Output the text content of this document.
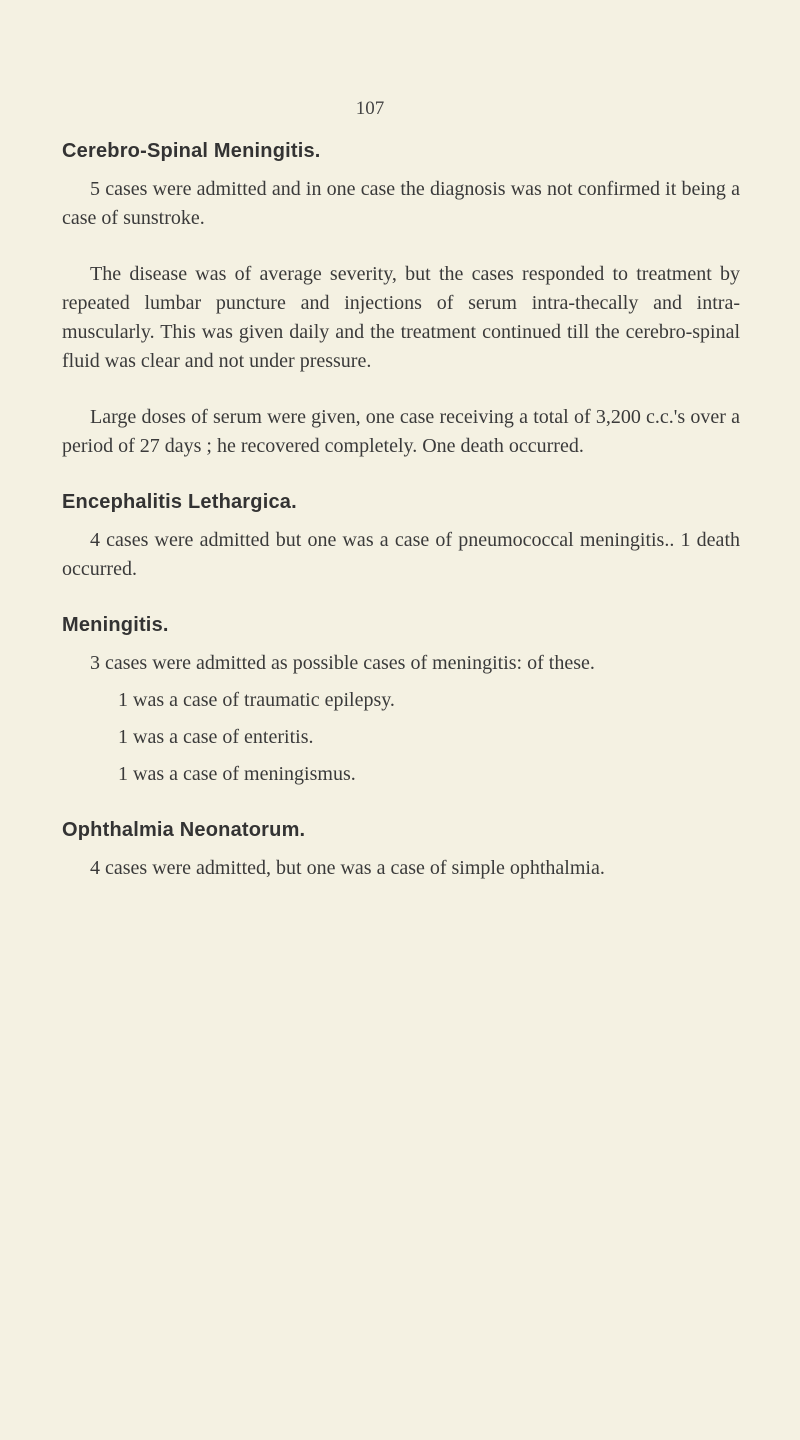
107
Cerebro-Spinal Meningitis.

5 cases were admitted and in one case the diagnosis was not confirmed it being a case of sunstroke.

The disease was of average severity, but the cases responded to treatment by repeated lumbar puncture and injections of serum intra-thecally and intra-muscularly. This was given daily and the treatment continued till the cerebro-spinal fluid was clear and not under pressure.

Large doses of serum were given, one case receiving a total of 3,200 c.c.'s over a period of 27 days ; he recovered completely. One death occurred.

Encephalitis Lethargica.

4 cases were admitted but one was a case of pneumococcal meningitis.. 1 death occurred.

Meningitis.

3 cases were admitted as possible cases of meningitis: of these.

1 was a case of traumatic epilepsy.
1 was a case of enteritis.
1 was a case of meningismus.
Ophthalmia Neonatorum.

4 cases were admitted, but one was a case of simple ophthalmia.
